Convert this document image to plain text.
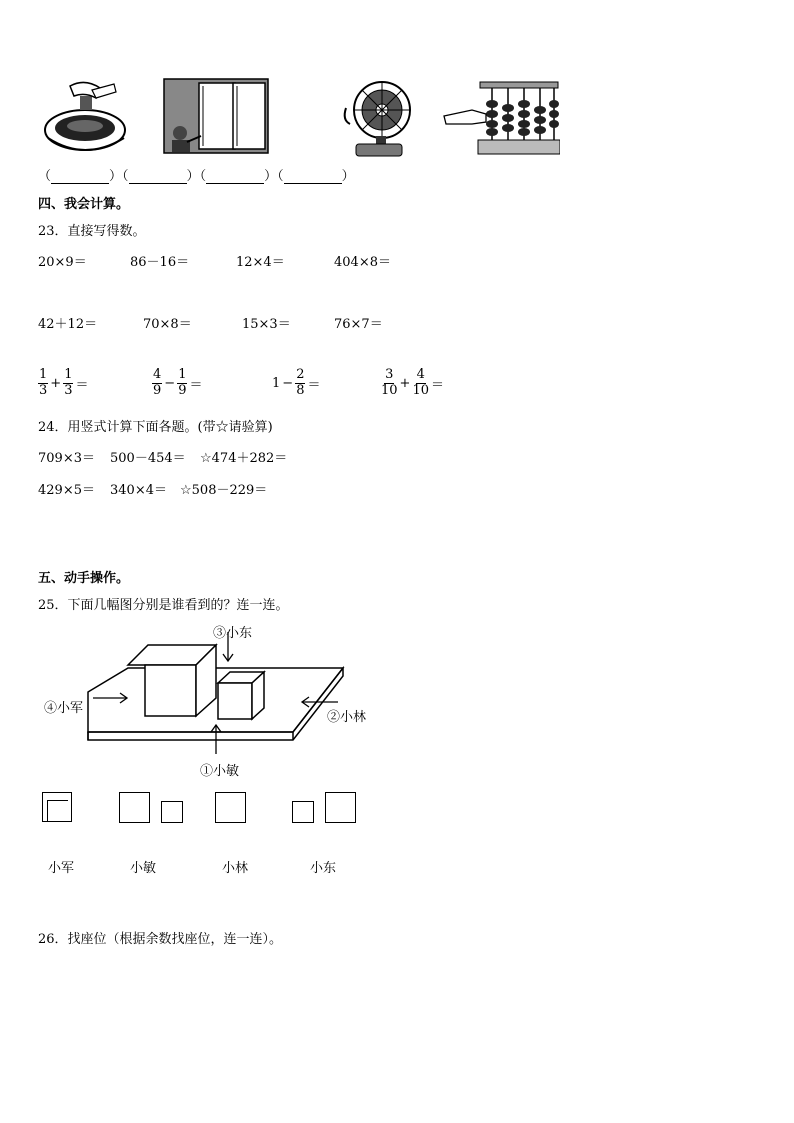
（	）（	）（	）（	）
四、我会计算。
23．直接写得数。
20×9＝	86－16＝	12×4＝	404×8＝
42＋12＝	70×8＝	15×3＝	76×7＝
$\frac{1}{3} + \frac{1}{3}$ ＝	$\frac{4}{9} - \frac{1}{9}$ ＝	$1 - \frac{2}{8}$ ＝	$\frac{3}{10} + \frac{4}{10}$ ＝
24．用竖式计算下面各题。(带☆请验算)
709×3＝ 500－454＝ ☆474＋282＝
429×5＝ 340×4＝ ☆508－229＝
五、动手操作。
25．下面几幅图分别是谁看到的？连一连。
③小东
④小军
②小林
①小敏
小军	小敏	小林	小东
26．找座位（根据余数找座位，连一连）。
